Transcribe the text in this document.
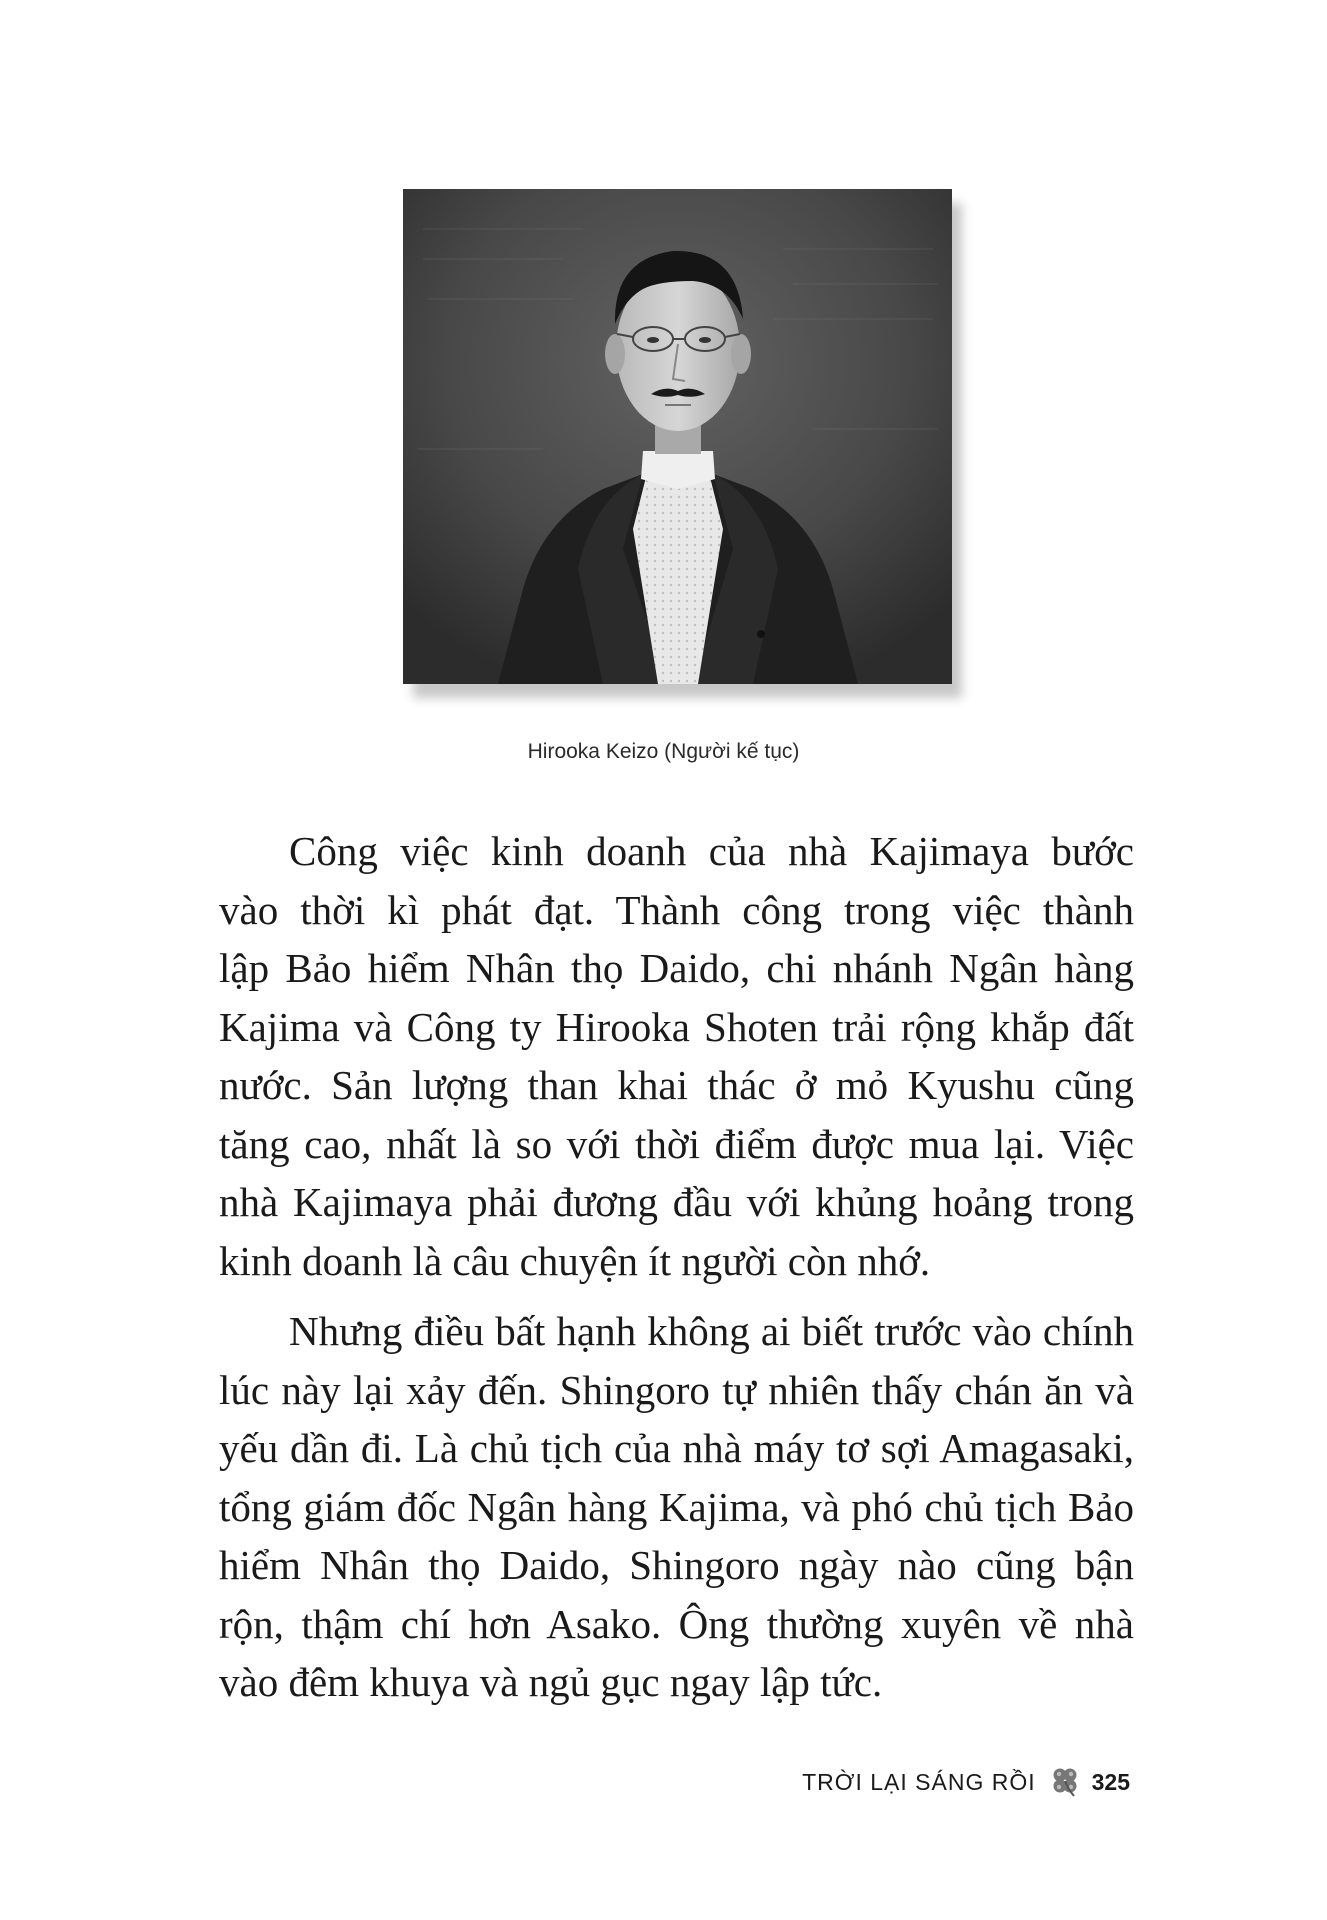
Hirooka Keizo (Người kế tục)

Công việc kinh doanh của nhà Kajimaya bước
vào thời kì phát đạt. Thành công trong việc thành
lập Bảo hiểm Nhân thọ Daido, chi nhánh Ngân hàng
Kajima và Công ty Hirooka Shoten trải rộng khắp đất
nước. Sản lượng than khai thác ở mỏ Kyushu cũng
tăng cao, nhất là so với thời điểm được mua lại. Việc
nhà Kajimaya phải đương đầu với khủng hoảng trong
kinh doanh là câu chuyện ít người còn nhớ.

Nhưng điều bất hạnh không ai biết trước vào chính
lúc này lại xảy đến. Shingoro tự nhiên thấy chán ăn và
yếu dần đi. Là chủ tịch của nhà máy tơ sợi Amagasaki,
tổng giám đốc Ngân hàng Kajima, và phó chủ tịch Bảo
hiểm Nhân thọ Daido, Shingoro ngày nào cũng bận
rộn, thậm chí hơn Asako. Ông thường xuyên về nhà
vào đêm khuya và ngủ gục ngay lập tức.

TRỜI LẠI SÁNG RỒI 325
